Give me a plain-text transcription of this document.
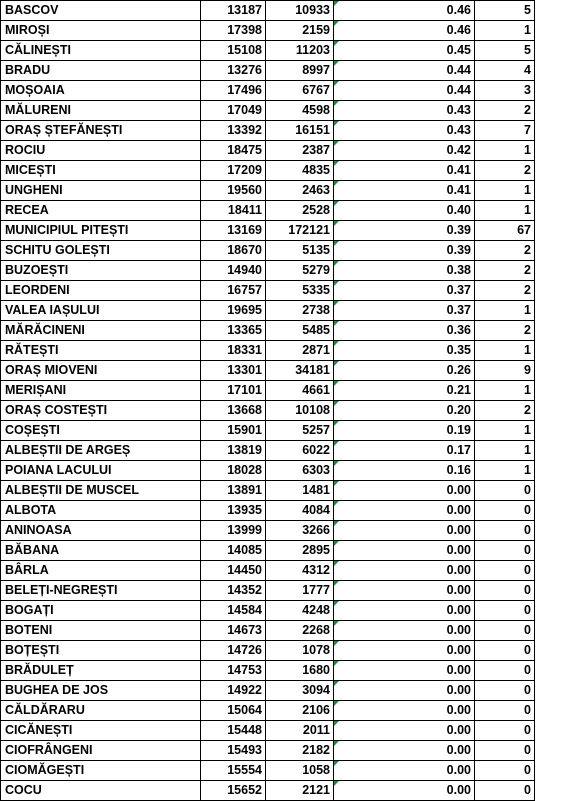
BASCOV	13187	10933	0.46	5
MIROȘI	17398	2159	0.46	1
CĂLINEȘTI	15108	11203	0.45	5
BRADU	13276	8997	0.44	4
MOȘOAIA	17496	6767	0.44	3
MĂLURENI	17049	4598	0.43	2
ORAȘ ȘTEFĂNEȘTI	13392	16151	0.43	7
ROCIU	18475	2387	0.42	1
MICEȘTI	17209	4835	0.41	2
UNGHENI	19560	2463	0.41	1
RECEA	18411	2528	0.40	1
MUNICIPIUL PITEȘTI	13169	172121	0.39	67
SCHITU GOLEȘTI	18670	5135	0.39	2
BUZOEȘTI	14940	5279	0.38	2
LEORDENI	16757	5335	0.37	2
VALEA IAȘULUI	19695	2738	0.37	1
MĂRĂCINENI	13365	5485	0.36	2
RĂTEȘTI	18331	2871	0.35	1
ORAȘ MIOVENI	13301	34181	0.26	9
MERIȘANI	17101	4661	0.21	1
ORAȘ COSTEȘTI	13668	10108	0.20	2
COȘEȘTI	15901	5257	0.19	1
ALBEȘTII DE ARGEȘ	13819	6022	0.17	1
POIANA LACULUI	18028	6303	0.16	1
ALBEȘTII DE MUSCEL	13891	1481	0.00	0
ALBOTA	13935	4084	0.00	0
ANINOASA	13999	3266	0.00	0
BĂBANA	14085	2895	0.00	0
BÂRLA	14450	4312	0.00	0
BELEȚI-NEGREȘTI	14352	1777	0.00	0
BOGAȚI	14584	4248	0.00	0
BOTENI	14673	2268	0.00	0
BOȚEȘTI	14726	1078	0.00	0
BRĂDULEȚ	14753	1680	0.00	0
BUGHEA DE JOS	14922	3094	0.00	0
CĂLDĂRARU	15064	2106	0.00	0
CICĂNEȘTI	15448	2011	0.00	0
CIOFRÂNGENI	15493	2182	0.00	0
CIOMĂGEȘTI	15554	1058	0.00	0
COCU	15652	2121	0.00	0
